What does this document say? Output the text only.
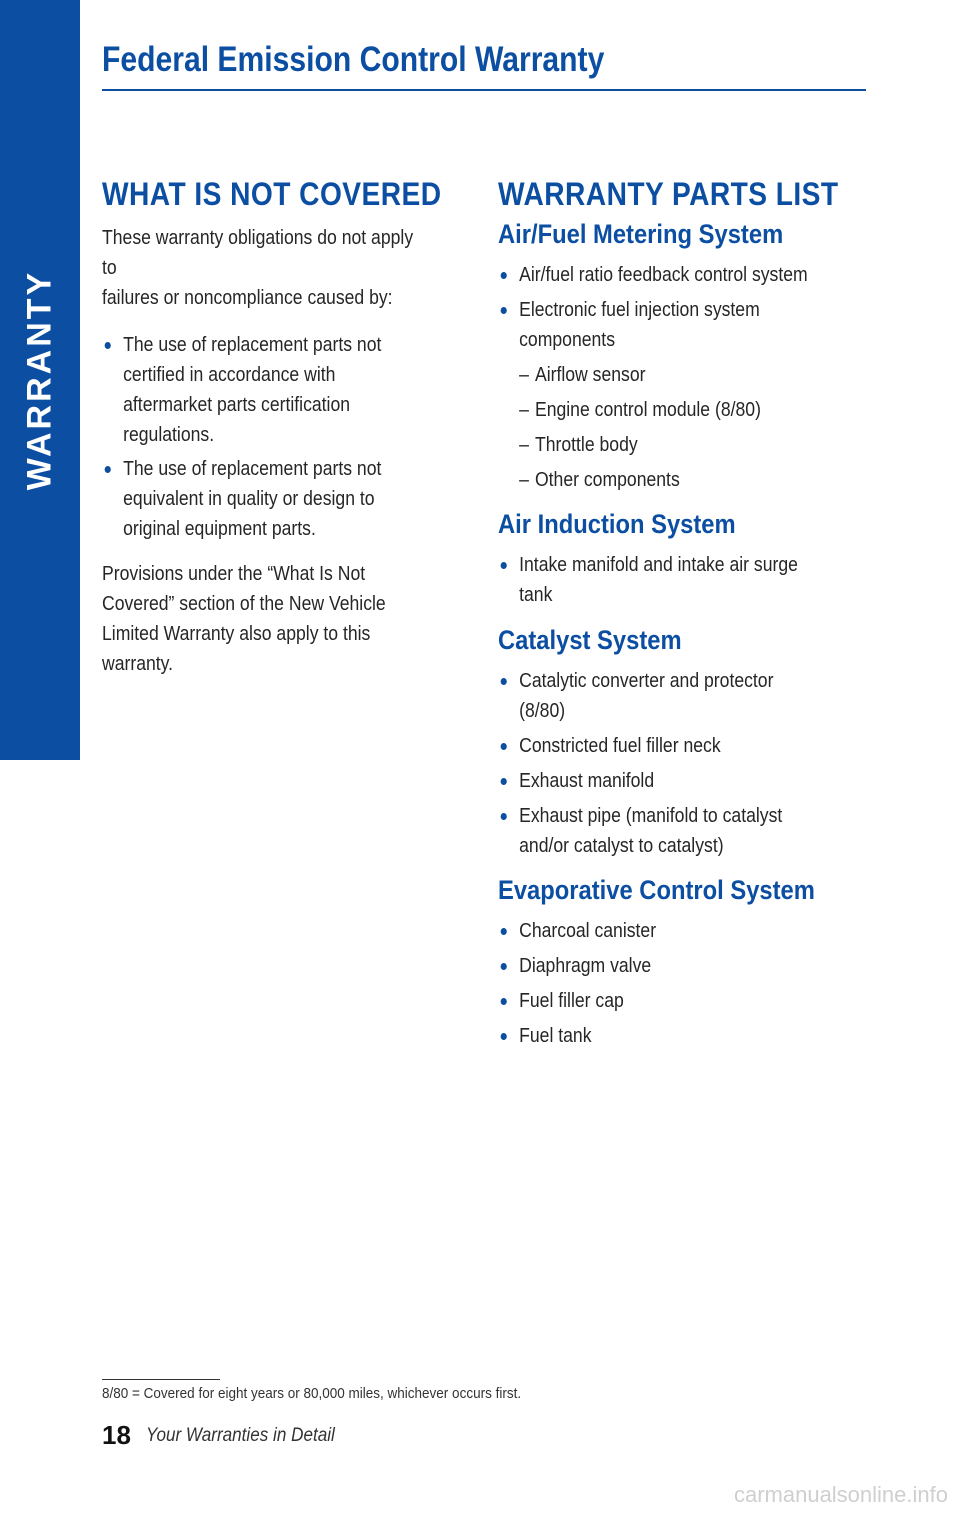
WARRANTY
Federal Emission Control Warranty
WHAT IS NOT COVERED

These warranty obligations do not apply to
failures or noncompliance caused by:

The use of replacement parts not
certified in accordance with
aftermarket parts certification
regulations.
The use of replacement parts not
equivalent in quality or design to
original equipment parts.

Provisions under the “What Is Not
Covered” section of the New Vehicle
Limited Warranty also apply to this
warranty.

WARRANTY PARTS LIST
Air/Fuel Metering System
Air/fuel ratio feedback control system
Electronic fuel injection system
components
– Airflow sensor
– Engine control module (8/80)
– Throttle body
– Other components
Air Induction System
Intake manifold and intake air surge
tank
Catalyst System
Catalytic converter and protector
(8/80)
Constricted fuel filler neck
Exhaust manifold
Exhaust pipe (manifold to catalyst
and/or catalyst to catalyst)
Evaporative Control System
Charcoal canister
Diaphragm valve
Fuel filler cap
Fuel tank
8/80 = Covered for eight years or 80,000 miles, whichever occurs first.
18 Your Warranties in Detail
carmanualsonline.info
